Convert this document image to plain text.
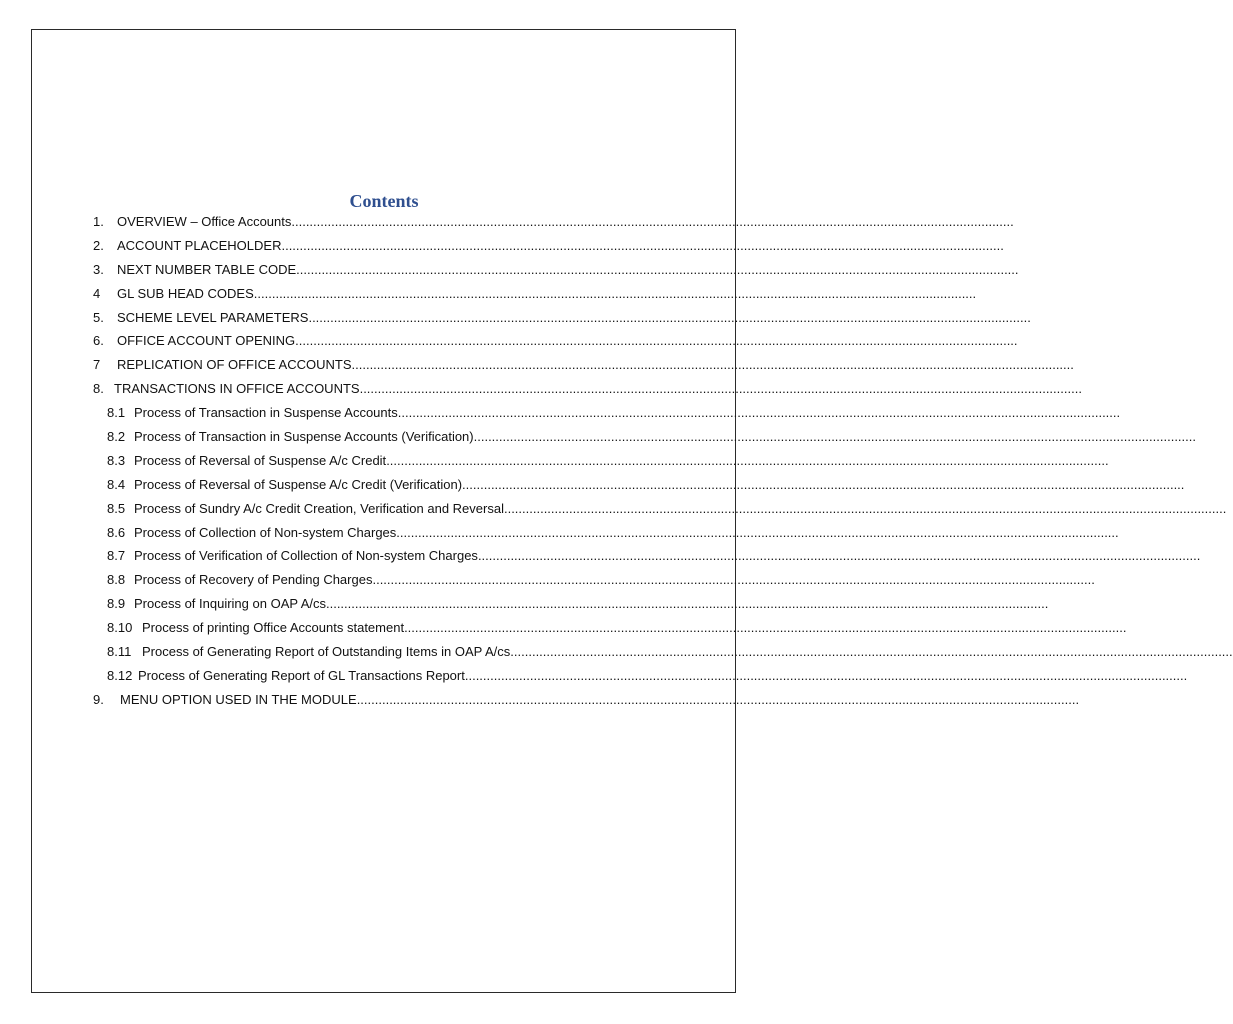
Contents
1.	OVERVIEW – Office Accounts ........................................................................................................................................................................................................
2.	ACCOUNT PLACEHOLDER ........................................................................................................................................................................................................
3.	NEXT NUMBER TABLE CODE ........................................................................................................................................................................................................
4	GL SUB HEAD CODES ........................................................................................................................................................................................................
5.	SCHEME LEVEL PARAMETERS ........................................................................................................................................................................................................
6.	OFFICE ACCOUNT OPENING ........................................................................................................................................................................................................
7	REPLICATION OF OFFICE ACCOUNTS ........................................................................................................................................................................................................
8. TRANSACTIONS IN OFFICE ACCOUNTS ........................................................................................................................................................................................................
8.1 Process of Transaction in Suspense Accounts ........................................................................................................................................................................................................
8.2 Process of Transaction in Suspense Accounts (Verification) ........................................................................................................................................................................................................
8.3 Process of Reversal of Suspense A/c Credit ........................................................................................................................................................................................................
8.4 Process of Reversal of Suspense A/c Credit (Verification) ........................................................................................................................................................................................................
8.5 Process of Sundry A/c Credit Creation, Verification and Reversal ........................................................................................................................................................................................................
8.6 Process of Collection of Non-system Charges ........................................................................................................................................................................................................
8.7 Process of Verification of Collection of Non-system Charges ........................................................................................................................................................................................................
8.8 Process of Recovery of Pending Charges ........................................................................................................................................................................................................
8.9 Process of Inquiring on OAP A/cs ........................................................................................................................................................................................................
8.10 Process of printing Office Accounts statement ........................................................................................................................................................................................................
8.11 Process of Generating Report of Outstanding Items in OAP A/cs ........................................................................................................................................................................................................
8.12 Process of Generating Report of GL Transactions Report ........................................................................................................................................................................................................
9.	MENU OPTION USED IN THE MODULE ........................................................................................................................................................................................................
